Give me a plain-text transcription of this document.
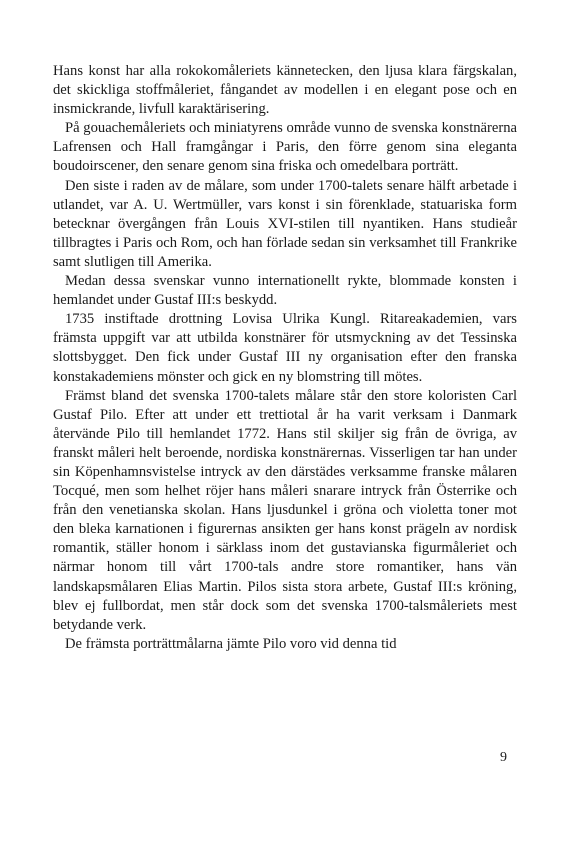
Hans konst har alla rokokomåleriets kännetecken, den ljusa klara färgskalan, det skickliga stoffmåleriet, fångandet av modellen i en elegant pose och en insmickrande, livfull karaktärisering.

På gouachemåleriets och miniatyrens område vunno de svenska konstnärerna Lafrensen och Hall framgångar i Paris, den förre genom sina eleganta boudoirscener, den senare genom sina friska och omedelbara porträtt.

Den siste i raden av de målare, som under 1700-talets senare hälft arbetade i utlandet, var A. U. Wertmüller, vars konst i sin förenklade, statuariska form betecknar övergången från Louis XVI-stilen till nyantiken. Hans studieår tillbragtes i Paris och Rom, och han förlade sedan sin verksamhet till Frankrike samt slutligen till Amerika.

Medan dessa svenskar vunno internationellt rykte, blommade konsten i hemlandet under Gustaf III:s beskydd.

1735 instiftade drottning Lovisa Ulrika Kungl. Ritareakademien, vars främsta uppgift var att utbilda konstnärer för utsmyckning av det Tessinska slottsbygget. Den fick under Gustaf III ny organisation efter den franska konstakademiens mönster och gick en ny blomstring till mötes.

Främst bland det svenska 1700-talets målare står den store koloristen Carl Gustaf Pilo. Efter att under ett trettiotal år ha varit verksam i Danmark återvände Pilo till hemlandet 1772. Hans stil skiljer sig från de övriga, av franskt måleri helt beroende, nordiska konstnärernas. Visserligen tar han under sin Köpenhamnsvistelse intryck av den därstädes verksamme franske målaren Tocqué, men som helhet röjer hans måleri snarare intryck från Österrike och från den venetianska skolan. Hans ljusdunkel i gröna och violetta toner mot den bleka karnationen i figurernas ansikten ger hans konst prägeln av nordisk romantik, ställer honom i särklass inom det gustavianska figurmåleriet och närmar honom till vårt 1700-tals andre store romantiker, hans vän landskapsmålaren Elias Martin. Pilos sista stora arbete, Gustaf III:s kröning, blev ej fullbordat, men står dock som det svenska 1700-talsmåleriets mest betydande verk.

De främsta porträttmålarna jämte Pilo voro vid denna tid

9
